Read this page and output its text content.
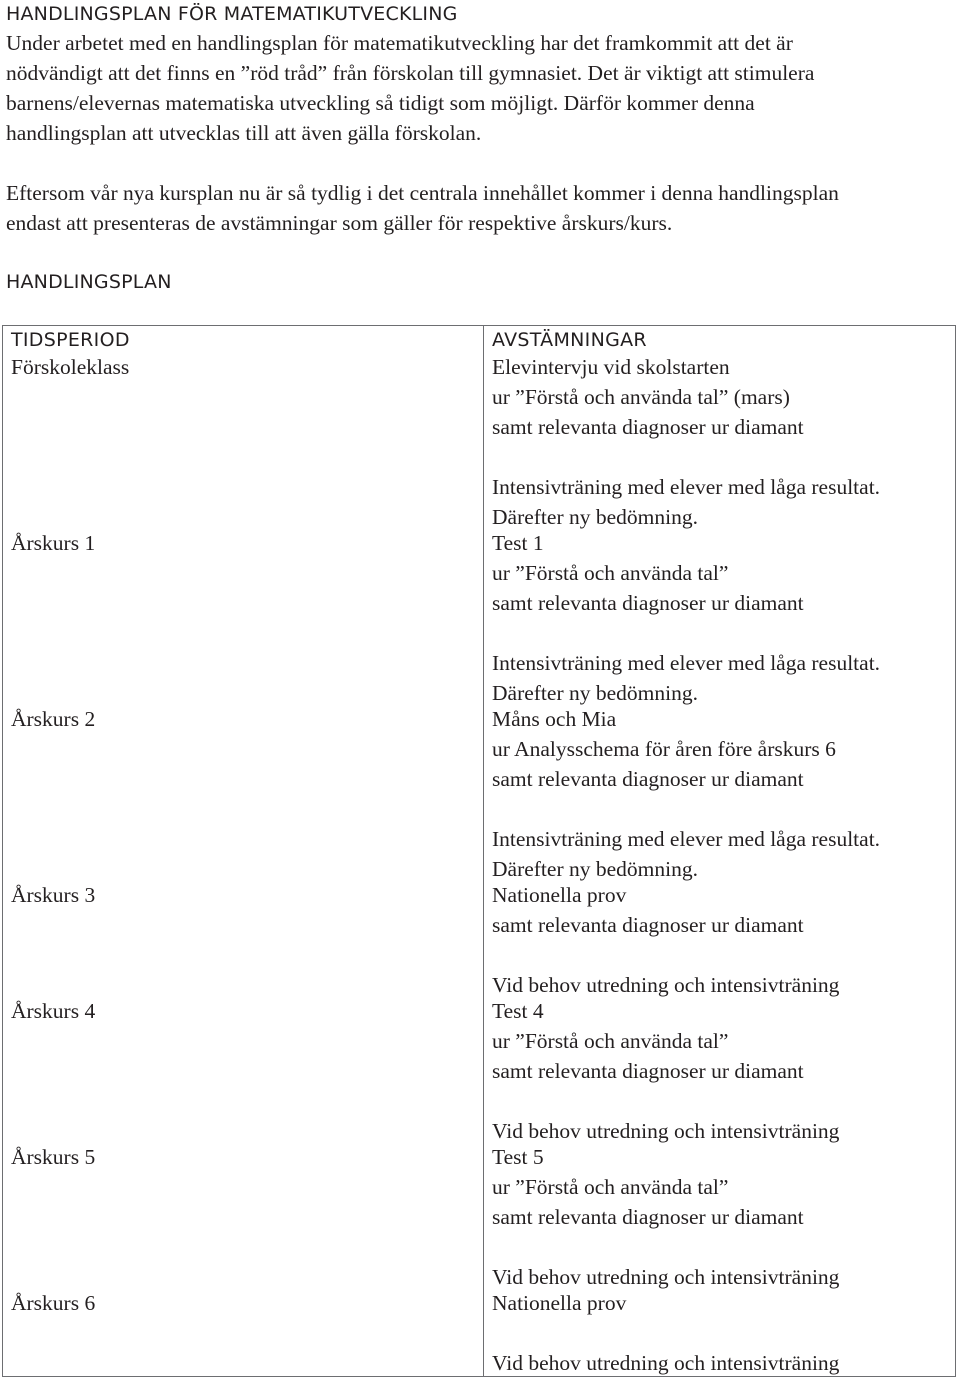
HANDLINGSPLAN FÖR MATEMATIKUTVECKLING
Under arbetet med en handlingsplan för matematikutveckling har det framkommit att det är
nödvändigt att det finns en ”röd tråd” från förskolan till gymnasiet. Det är viktigt att stimulera
barnens/elevernas matematiska utveckling så tidigt som möjligt. Därför kommer denna
handlingsplan att utvecklas till att även gälla förskolan.
Eftersom vår nya kursplan nu är så tydlig i det centrala innehållet kommer i denna handlingsplan
endast att presenteras de avstämningar som gäller för respektive årskurs/kurs.
HANDLINGSPLAN
TIDSPERIOD	AVSTÄMNINGAR
Förskoleklass	Elevintervju vid skolstarten
ur ”Förstå och använda tal” (mars)
samt relevanta diagnoser ur diamant
Intensivträning med elever med låga resultat.
Därefter ny bedömning.
Årskurs 1	Test 1
ur ”Förstå och använda tal”
samt relevanta diagnoser ur diamant
Intensivträning med elever med låga resultat.
Därefter ny bedömning.
Årskurs 2	Måns och Mia
ur Analysschema för åren före årskurs 6
samt relevanta diagnoser ur diamant
Intensivträning med elever med låga resultat.
Därefter ny bedömning.
Årskurs 3	Nationella prov
samt relevanta diagnoser ur diamant
Vid behov utredning och intensivträning
Årskurs 4	Test 4
ur ”Förstå och använda tal”
samt relevanta diagnoser ur diamant
Vid behov utredning och intensivträning
Årskurs 5	Test 5
ur ”Förstå och använda tal”
samt relevanta diagnoser ur diamant
Vid behov utredning och intensivträning
Årskurs 6	Nationella prov
Vid behov utredning och intensivträning
